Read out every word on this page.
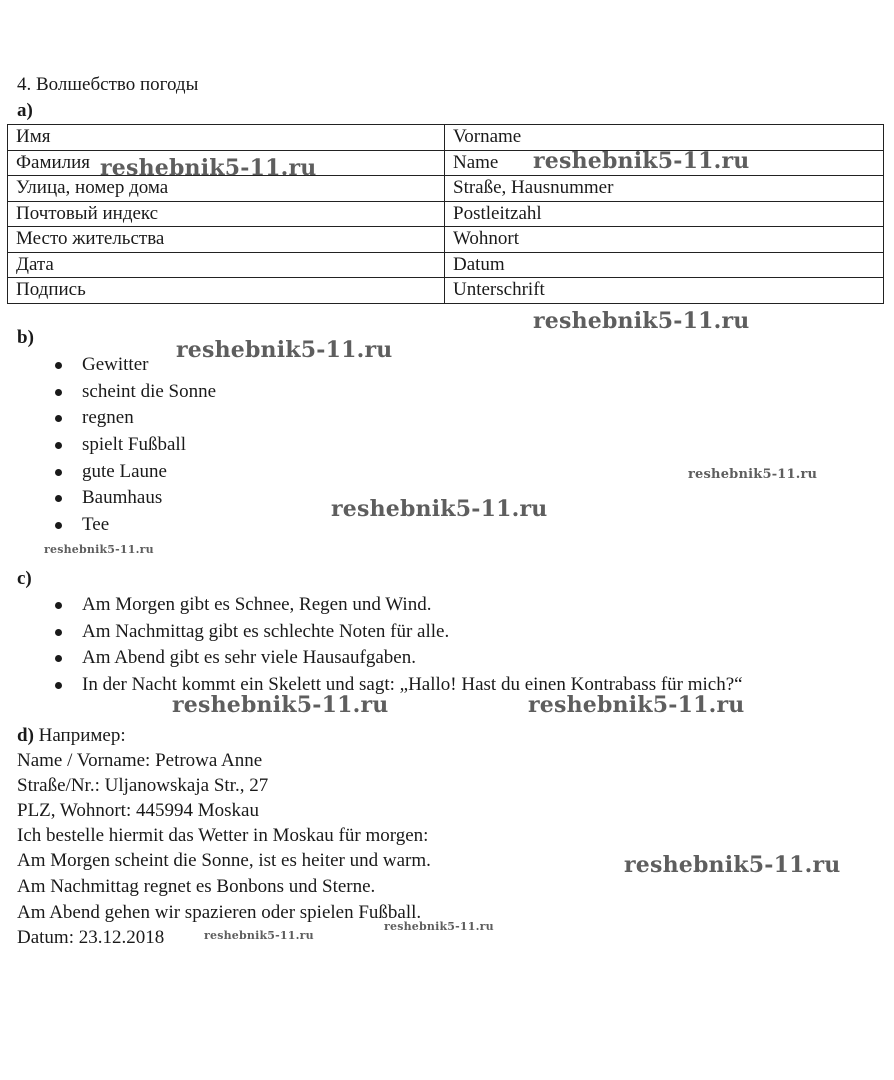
4. Волшебство погоды
a)
Имя	Vorname
Фамилия	Name
Улица, номер дома	Straße, Hausnummer
Почтовый индекс	Postleitzahl
Место жительства	Wohnort
Дата	Datum
Подпись	Unterschrift
b)
Gewitter
scheint die Sonne
regnen
spielt Fußball
gute Laune
Baumhaus
Tee
c)
Am Morgen gibt es Schnee, Regen und Wind.
Am Nachmittag gibt es schlechte Noten für alle.
Am Abend gibt es sehr viele Hausaufgaben.
In der Nacht kommt ein Skelett und sagt: „Hallo! Hast du einen Kontrabass für mich?“
d) Например:
Name / Vorname: Petrowa Anne
Straße/Nr.: Uljanowskaja Str., 27
PLZ, Wohnort: 445994 Moskau
Ich bestelle hiermit das Wetter in Moskau für morgen:
Am Morgen scheint die Sonne, ist es heiter und warm.
Am Nachmittag regnet es Bonbons und Sterne.
Am Abend gehen wir spazieren oder spielen Fußball.
Datum: 23.12.2018
reshebnik5-11.ru	reshebnik5-11.ru
reshebnik5-11.ru
reshebnik5-11.ru
reshebnik5-11.ru
reshebnik5-11.ru
reshebnik5-11.ru
reshebnik5-11.ru	reshebnik5-11.ru
reshebnik5-11.ru
reshebnik5-11.ru
reshebnik5-11.ru
